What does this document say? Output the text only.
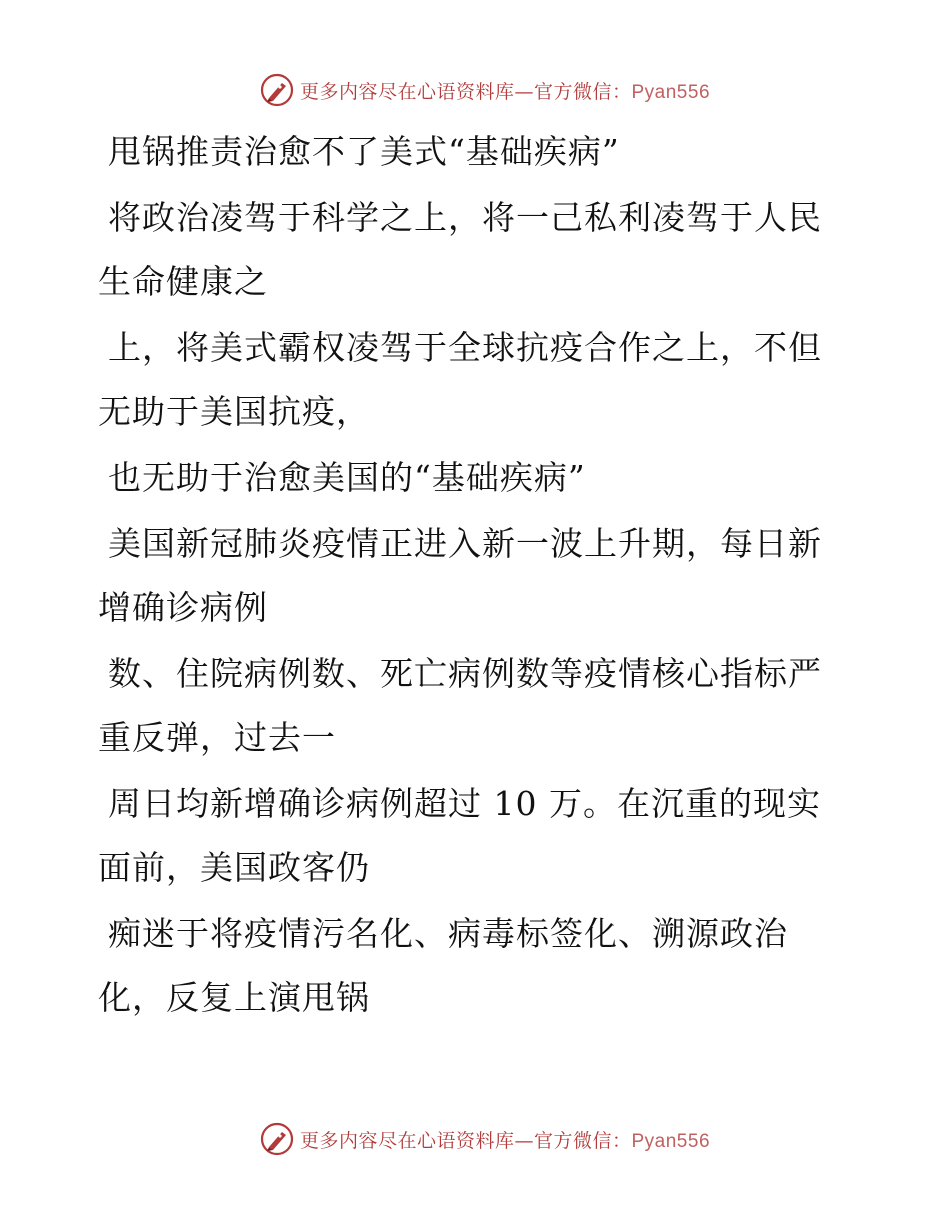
更多内容尽在心语资料库—官方微信：Pyan556

甩锅推责治愈不了美式“基础疾病”

将政治凌驾于科学之上，将一己私利凌驾于人民
生命健康之

上，将美式霸权凌驾于全球抗疫合作之上，不但
无助于美国抗疫，

也无助于治愈美国的“基础疾病”

美国新冠肺炎疫情正进入新一波上升期，每日新
增确诊病例

数、住院病例数、死亡病例数等疫情核心指标严
重反弹，过去一

周日均新增确诊病例超过 10 万。在沉重的现实
面前，美国政客仍

痴迷于将疫情污名化、病毒标签化、溯源政治
化，反复上演甩锅

更多内容尽在心语资料库—官方微信：Pyan556
